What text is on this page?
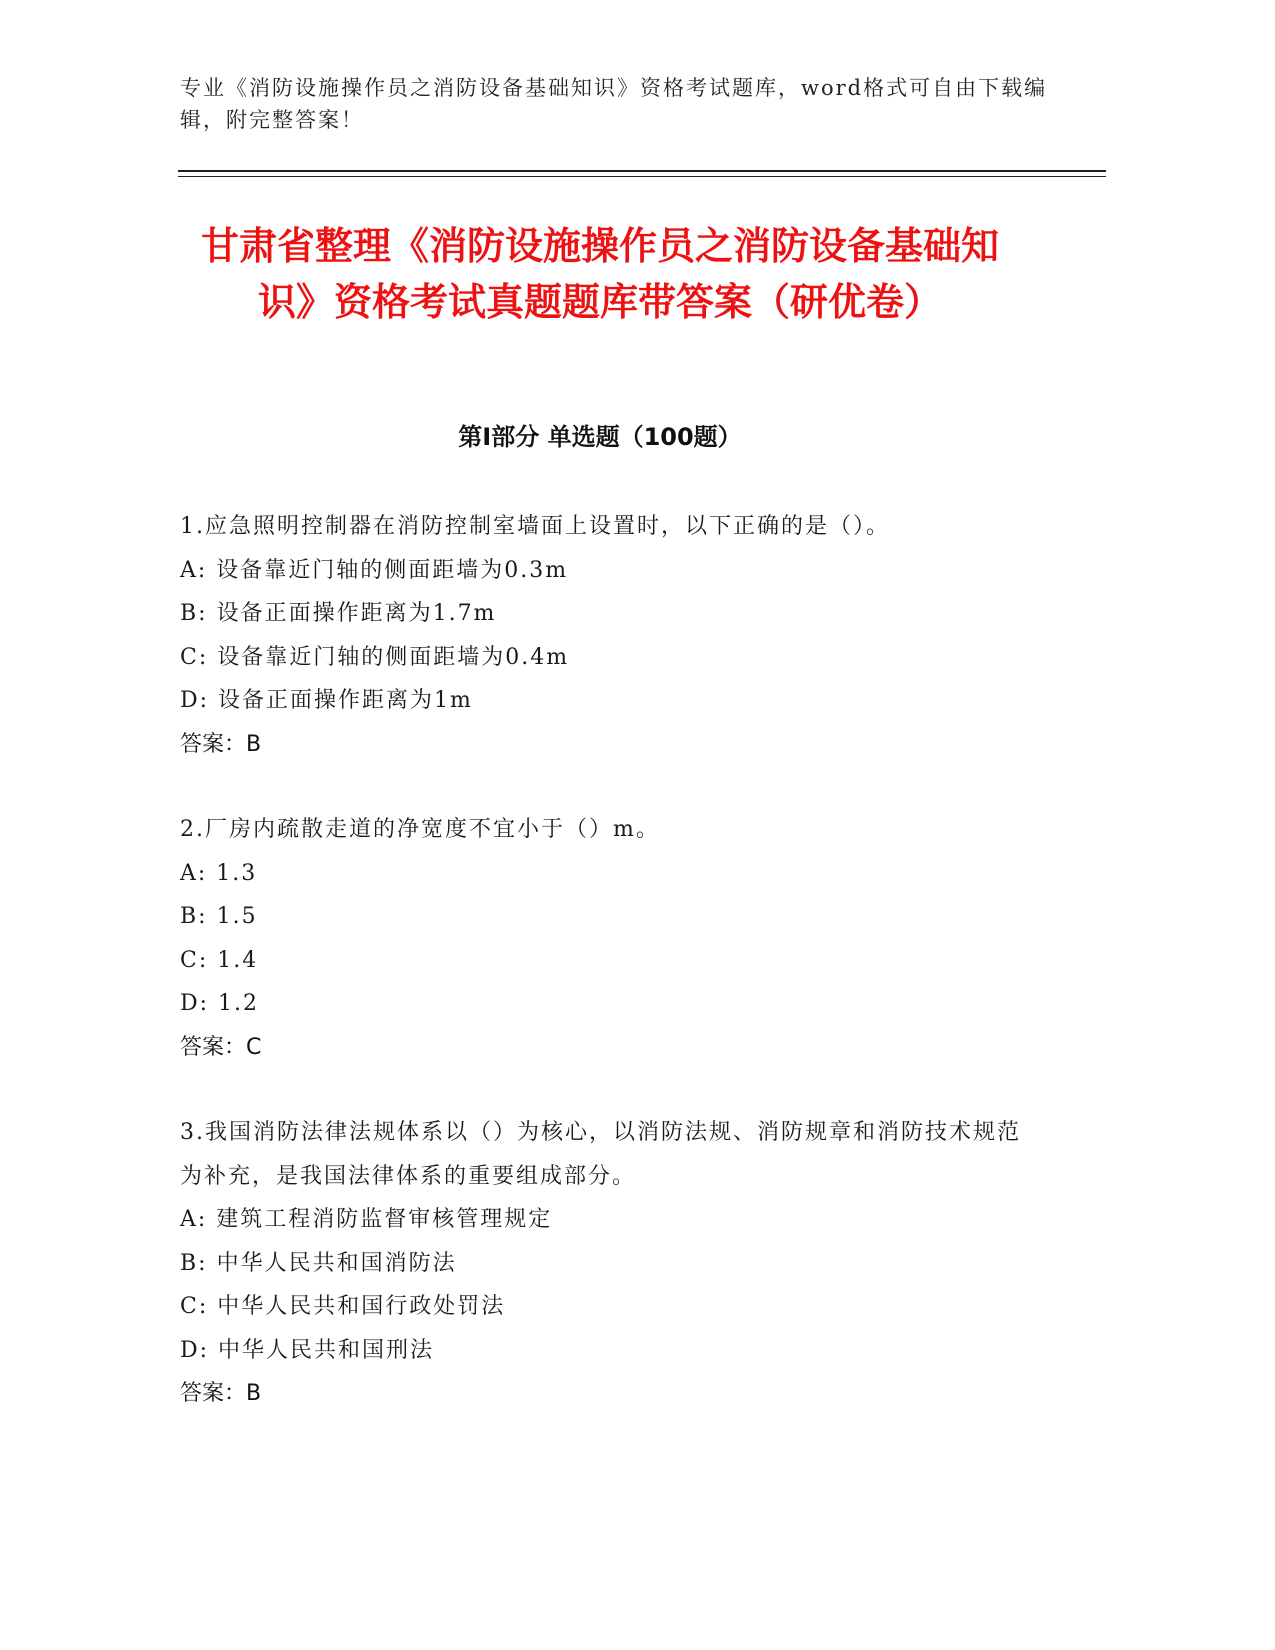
专业《消防设施操作员之消防设备基础知识》资格考试题库，word格式可自由下载编辑，附完整答案！
甘肃省整理《消防设施操作员之消防设备基础知识》资格考试真题题库带答案（研优卷）
第Ⅰ部分 单选题（100题）
1.应急照明控制器在消防控制室墙面上设置时，以下正确的是（）。
A: 设备靠近门轴的侧面距墙为0.3m
B: 设备正面操作距离为1.7m
C: 设备靠近门轴的侧面距墙为0.4m
D: 设备正面操作距离为1m
答案：B
2.厂房内疏散走道的净宽度不宜小于（）m。
A: 1.3
B: 1.5
C: 1.4
D: 1.2
答案：C
3.我国消防法律法规体系以（）为核心，以消防法规、消防规章和消防技术规范为补充，是我国法律体系的重要组成部分。
A: 建筑工程消防监督审核管理规定
B: 中华人民共和国消防法
C: 中华人民共和国行政处罚法
D: 中华人民共和国刑法
答案：B
